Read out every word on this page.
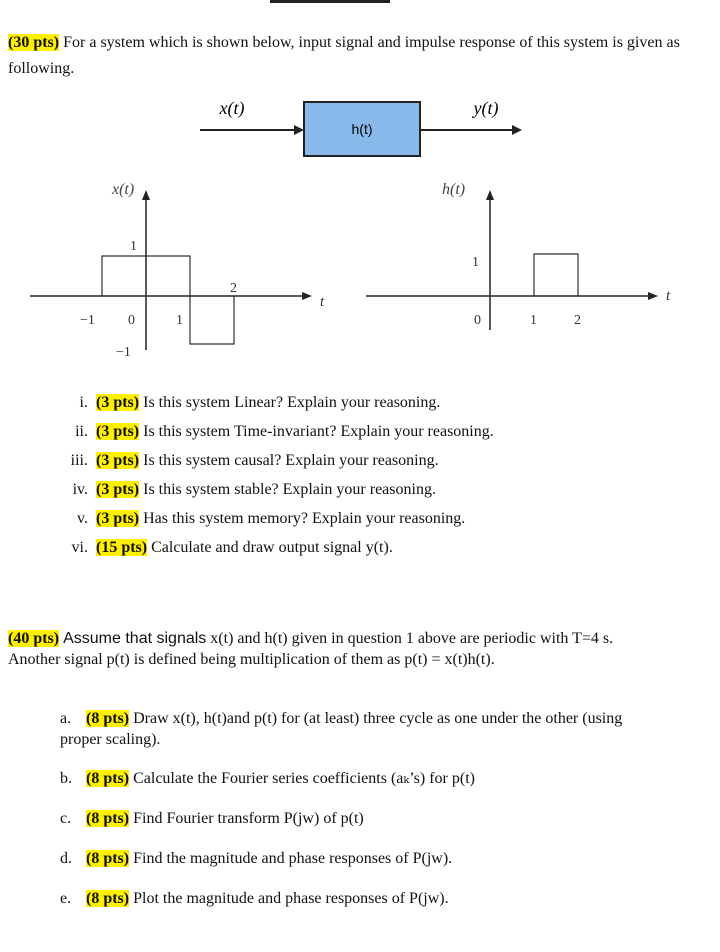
(30 pts) For a system which is shown below, input signal and impulse response of this system is given as following.
h(t)
x(t)	y(t)
x(t)
1
2
−1 0	1
−1
t
h(t)
1
0	1	2
t
i. (3 pts) Is this system Linear? Explain your reasoning.
ii. (3 pts) Is this system Time-invariant? Explain your reasoning.
iii. (3 pts) Is this system causal? Explain your reasoning.
iv. (3 pts) Is this system stable? Explain your reasoning.
v. (3 pts) Has this system memory? Explain your reasoning.
vi. (15 pts) Calculate and draw output signal y(t).
(40 pts) Assume that signals x(t) and h(t) given in question 1 above are periodic with T=4 s.
Another signal p(t) is defined being multiplication of them as p(t) = x(t)h(t).
a. (8 pts) Draw x(t), h(t)and p(t) for (at least) three cycle as one under the other (using proper scaling).
b. (8 pts) Calculate the Fourier series coefficients (aₖ’s) for p(t)
c. (8 pts) Find Fourier transform P(jw) of p(t)
d. (8 pts) Find the magnitude and phase responses of P(jw).
e. (8 pts) Plot the magnitude and phase responses of P(jw).
